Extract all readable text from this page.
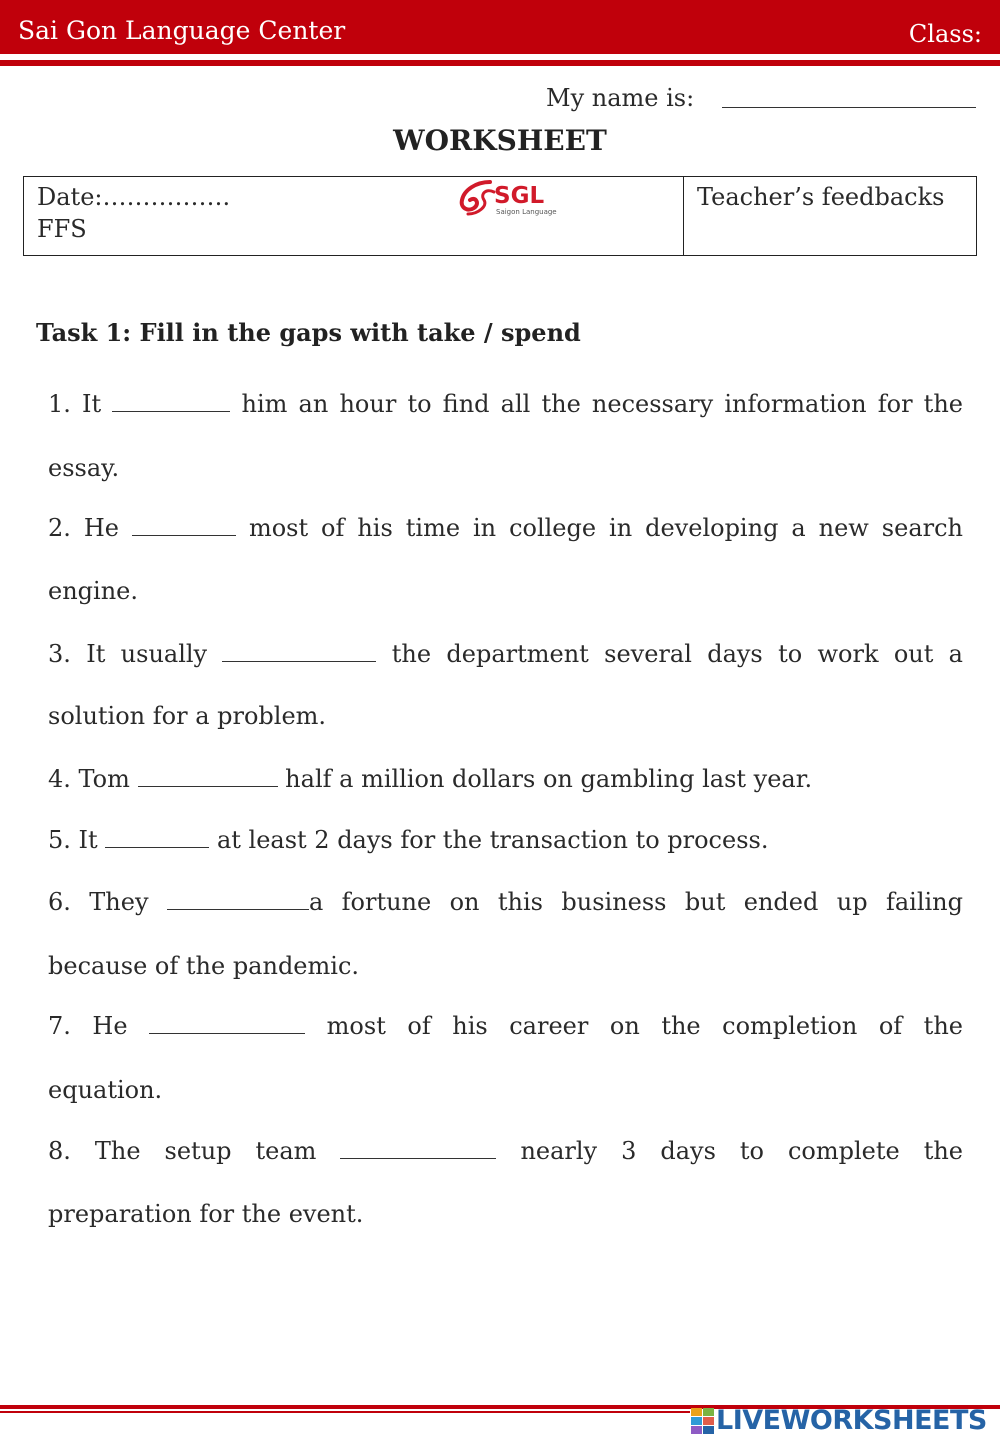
Sai Gon Language Center	Class:
My name is:
WORKSHEET
Date:…………….
FFS
SGL
Saigon Language
Teacher’s feedbacks
Task 1: Fill in the gaps with take / spend
1. It	him an hour to find all the necessary information for the
essay.
2. He	most of his time in college in developing a new search
engine.
3. It usually	the department several days to work out a
solution for a problem.
4. Tom	half a million dollars on gambling last year.
5. It	at least 2 days for the transaction to process.
6. They	a fortune on this business but ended up failing
because of the pandemic.
7. He	most of his career on the completion of the
equation.
8. The setup team	nearly 3 days to complete the
preparation for the event.
LIVEWORKSHEETS
